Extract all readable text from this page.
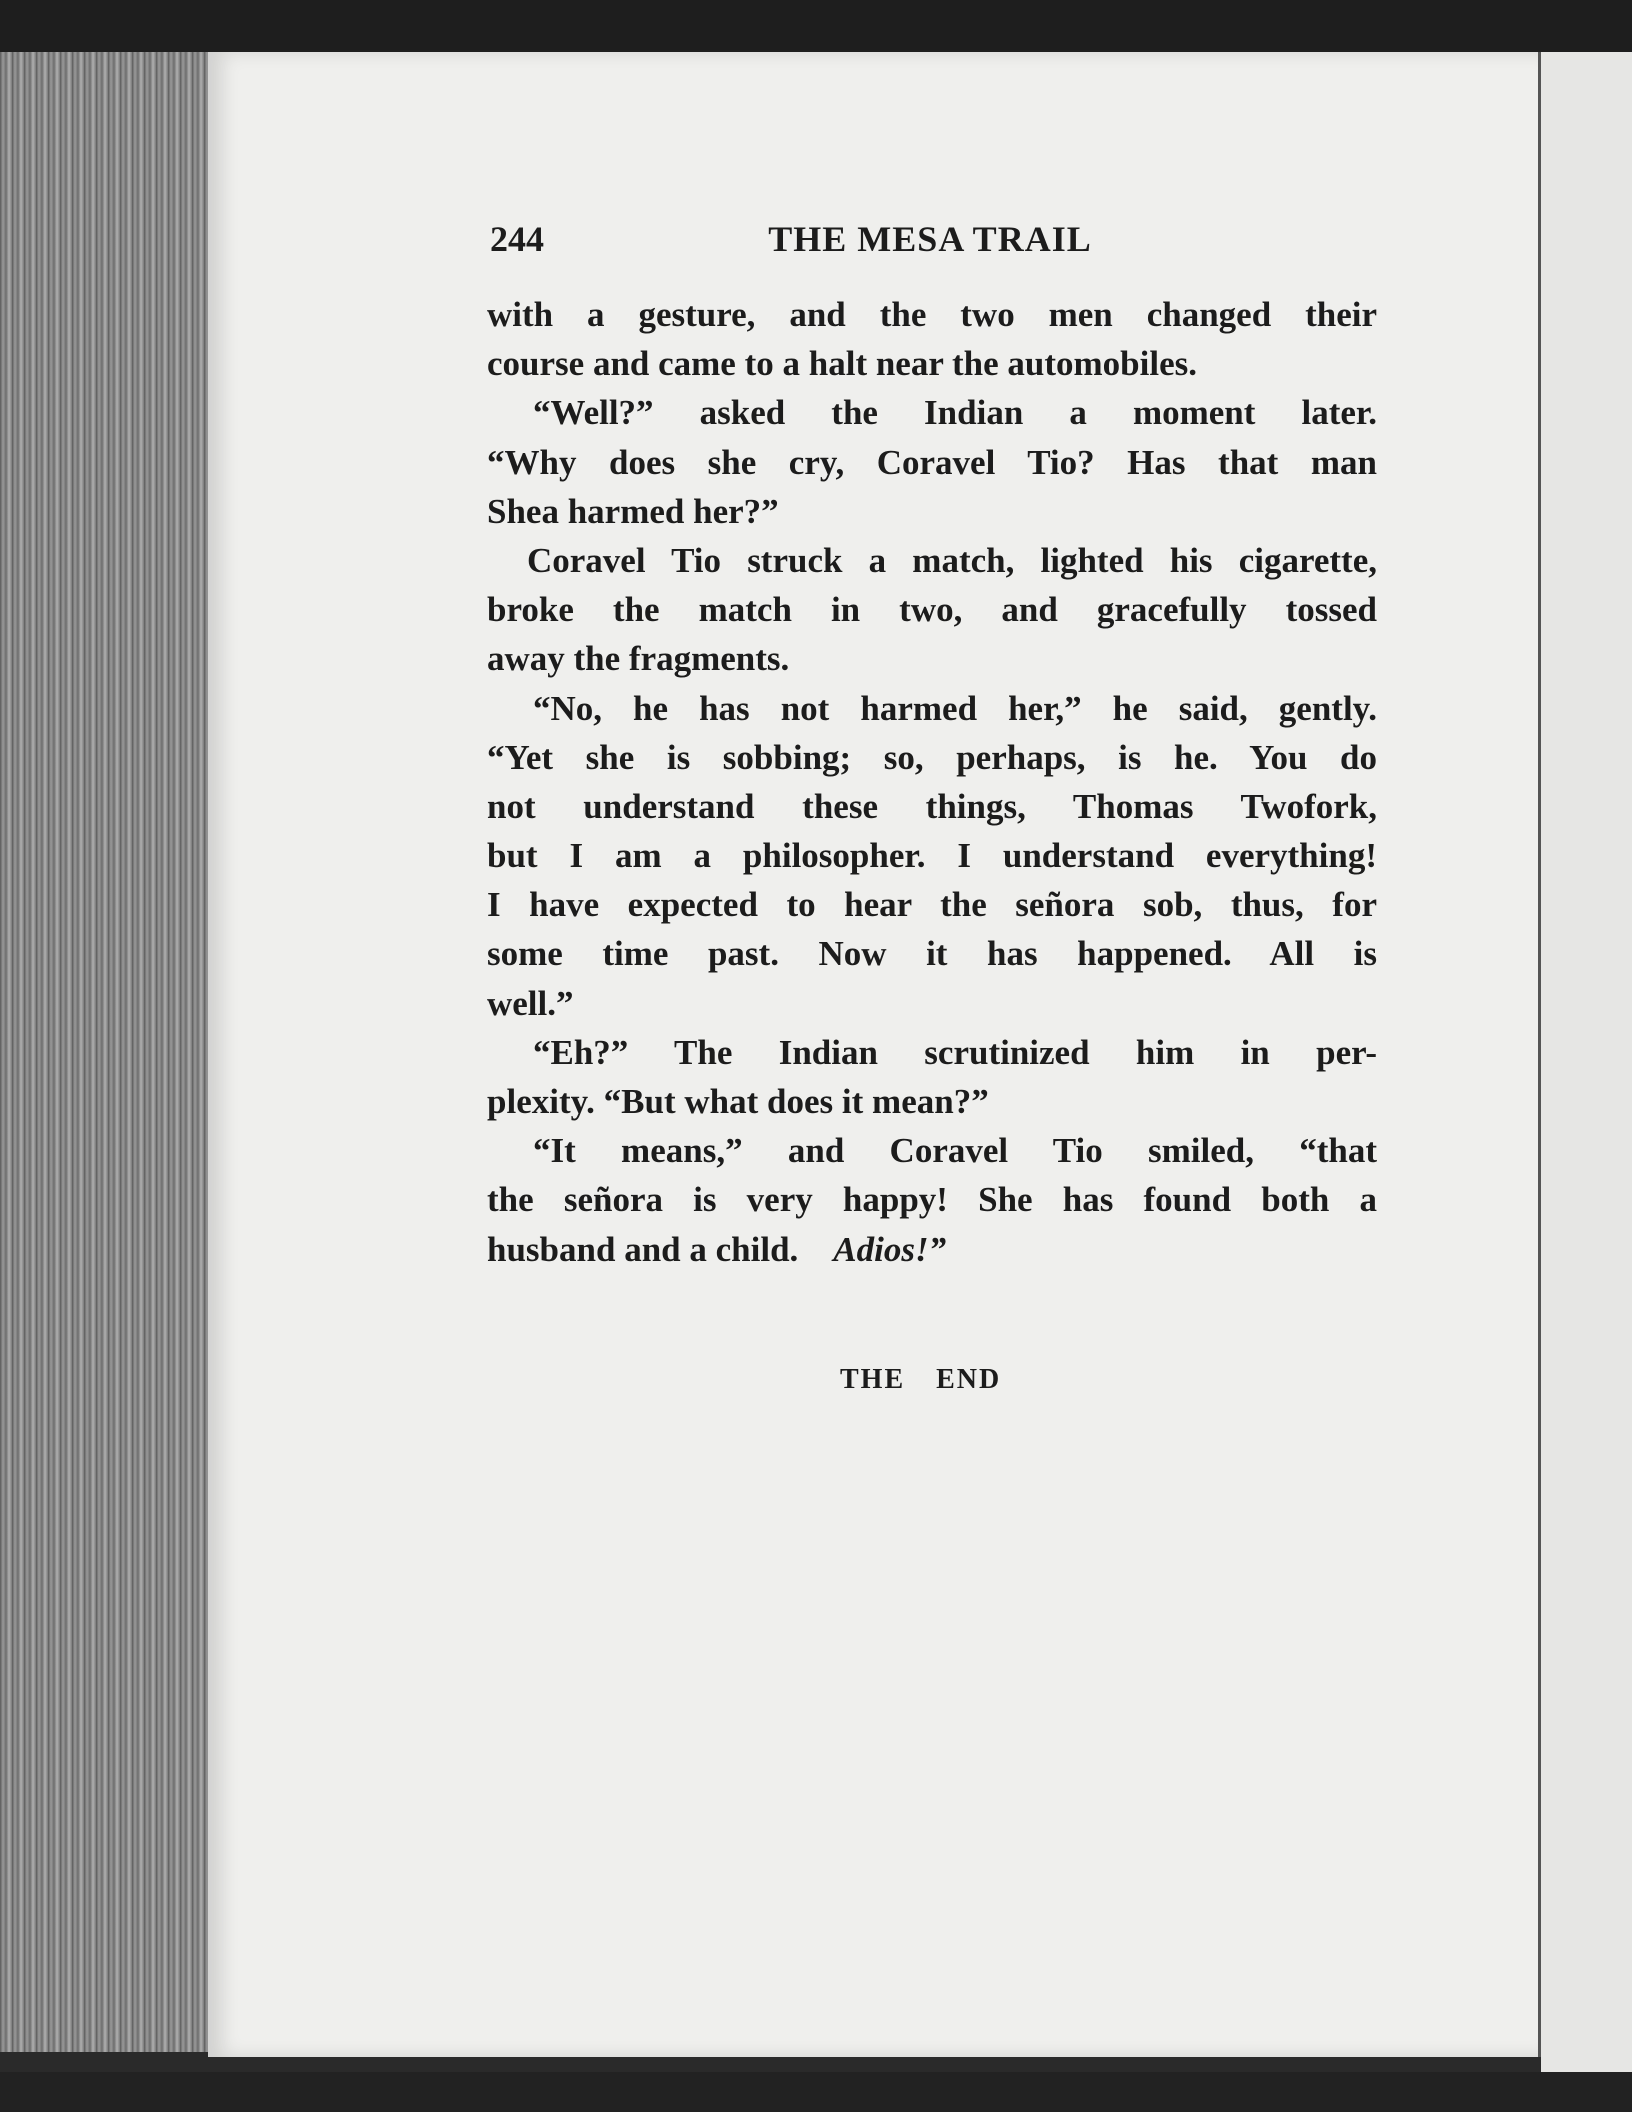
244	THE MESA TRAIL
with a gesture, and the two men changed their
course and came to a halt near the automobiles.
“Well?” asked the Indian a moment later.
“Why does she cry, Coravel Tio? Has that man
Shea harmed her?”
Coravel Tio struck a match, lighted his cigarette,
broke the match in two, and gracefully tossed
away the fragments.
“No, he has not harmed her,” he said, gently.
“Yet she is sobbing; so, perhaps, is he. You do
not understand these things, Thomas Twofork,
but I am a philosopher. I understand everything!
I have expected to hear the señora sob, thus, for
some time past. Now it has happened. All is
well.”
“Eh?” The Indian scrutinized him in per-
plexity. “But what does it mean?”
“It means,” and Coravel Tio smiled, “that
the señora is very happy! She has found both a
husband and a child. Adios!”
THE END
